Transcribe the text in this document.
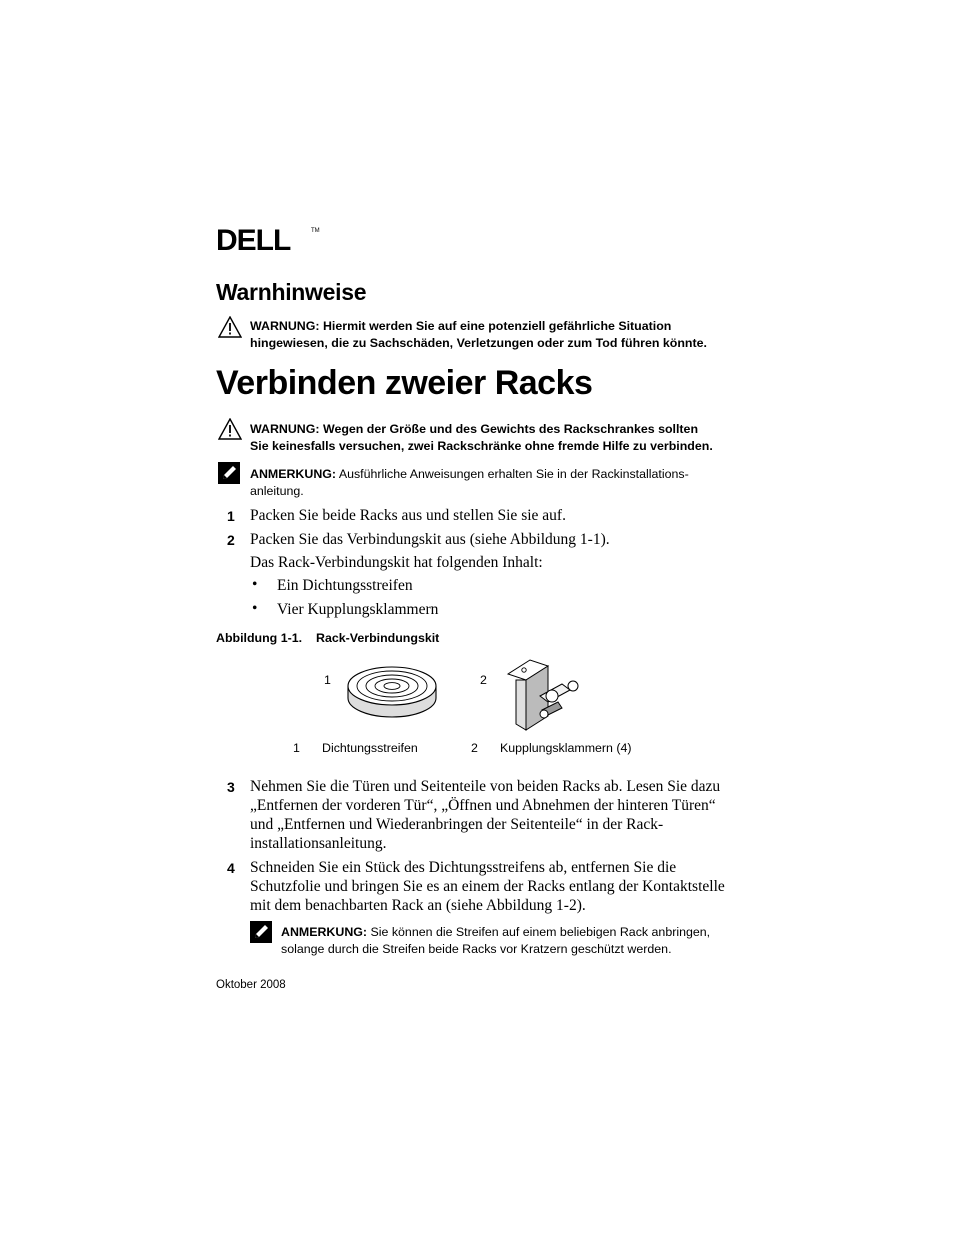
DELL	TM
Warnhinweise
WARNUNG: Hiermit werden Sie auf eine potenziell gefährliche Situation
hingewiesen, die zu Sachschäden, Verletzungen oder zum Tod führen könnte.
Verbinden zweier Racks
WARNUNG: Wegen der Größe und des Gewichts des Rackschrankes sollten
Sie keinesfalls versuchen, zwei Rackschränke ohne fremde Hilfe zu verbinden.
ANMERKUNG: Ausführliche Anweisungen erhalten Sie in der Rackinstallations-
anleitung.
1 Packen Sie beide Racks aus und stellen Sie sie auf.
2 Packen Sie das Verbindungskit aus (siehe Abbildung 1-1).
Das Rack-Verbindungskit hat folgenden Inhalt:
• Ein Dichtungsstreifen
• Vier Kupplungsklammern
Abbildung 1-1. Rack-Verbindungskit
1	2
1 Dichtungsstreifen	2 Kupplungsklammern (4)
3 Nehmen Sie die Türen und Seitenteile von beiden Racks ab. Lesen Sie dazu
„Entfernen der vorderen Tür“, „Öffnen und Abnehmen der hinteren Türen“
und „Entfernen und Wiederanbringen der Seitenteile“ in der Rack-
installationsanleitung.
4 Schneiden Sie ein Stück des Dichtungsstreifens ab, entfernen Sie die
Schutzfolie und bringen Sie es an einem der Racks entlang der Kontaktstelle
mit dem benachbarten Rack an (siehe Abbildung 1-2).
ANMERKUNG: Sie können die Streifen auf einem beliebigen Rack anbringen,
solange durch die Streifen beide Racks vor Kratzern geschützt werden.
Oktober 2008
